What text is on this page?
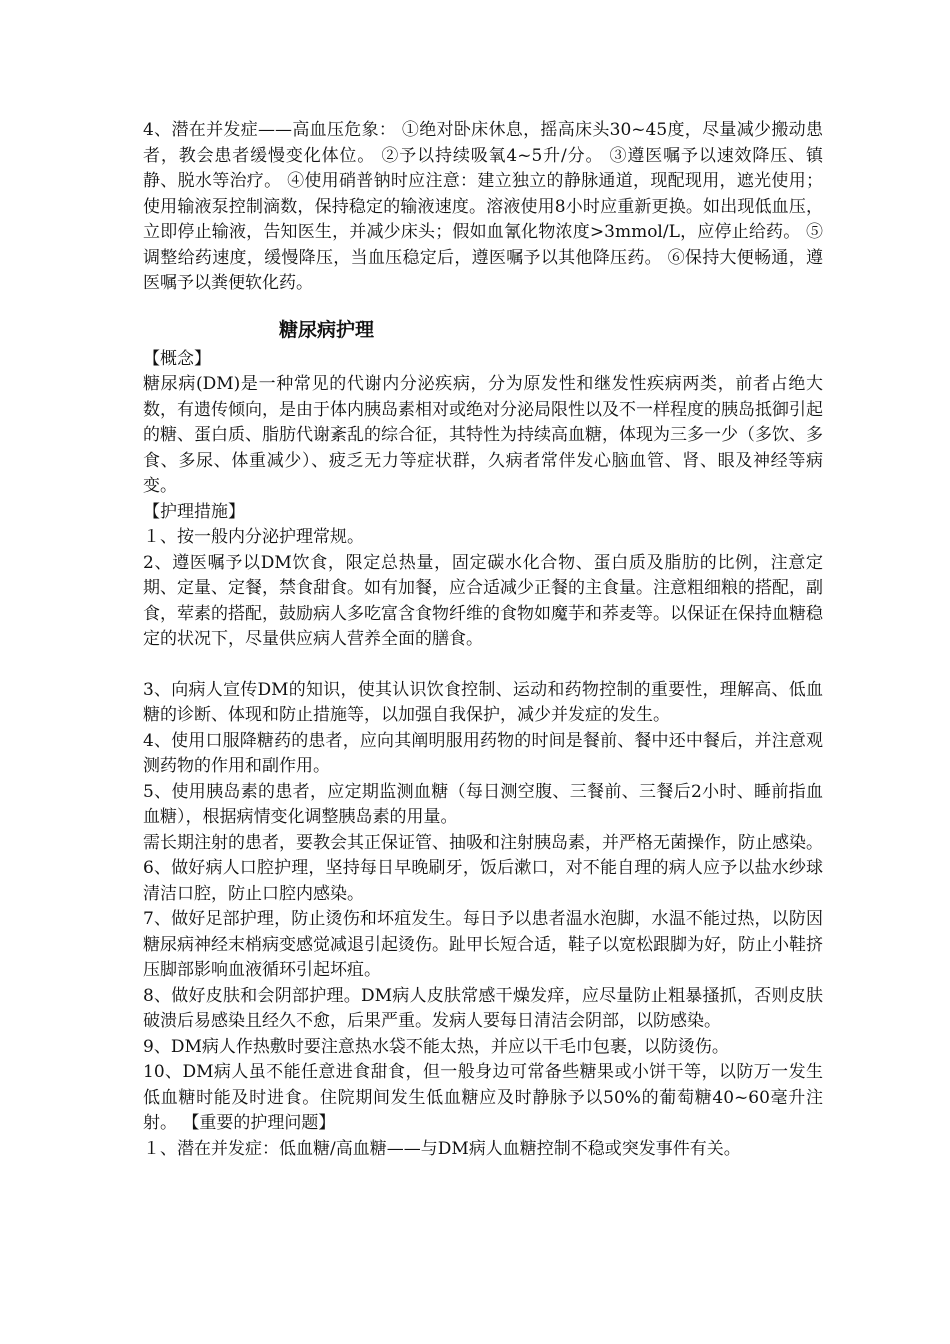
4、潜在并发症——高血压危象： ①绝对卧床休息，摇高床头30~45度，尽量减少搬动患者，教会患者缓慢变化体位。 ②予以持续吸氧4~5升/分。 ③遵医嘱予以速效降压、镇静、脱水等治疗。 ④使用硝普钠时应注意：建立独立的静脉通道，现配现用，遮光使用；使用输液泵控制滴数，保持稳定的输液速度。溶液使用8小时应重新更换。如出现低血压，立即停止输液，告知医生，并减少床头；假如血氰化物浓度>3mmol/L，应停止给药。 ⑤调整给药速度，缓慢降压，当血压稳定后，遵医嘱予以其他降压药。 ⑥保持大便畅通，遵医嘱予以粪便软化药。

糖尿病护理

【概念】

糖尿病(DM)是一种常见的代谢内分泌疾病，分为原发性和继发性疾病两类，前者占绝大数，有遗传倾向，是由于体内胰岛素相对或绝对分泌局限性以及不一样程度的胰岛抵御引起的糖、蛋白质、脂肪代谢紊乱的综合征，其特性为持续高血糖，体现为三多一少（多饮、多食、多尿、体重减少）、疲乏无力等症状群，久病者常伴发心脑血管、肾、眼及神经等病变。

【护理措施】

１、按一般内分泌护理常规。

2、遵医嘱予以DM饮食，限定总热量，固定碳水化合物、蛋白质及脂肪的比例，注意定期、定量、定餐，禁食甜食。如有加餐，应合适减少正餐的主食量。注意粗细粮的搭配，副食，荤素的搭配，鼓励病人多吃富含食物纤维的食物如魔芋和荞麦等。以保证在保持血糖稳定的状况下，尽量供应病人营养全面的膳食。

3、向病人宣传DM的知识，使其认识饮食控制、运动和药物控制的重要性，理解高、低血糖的诊断、体现和防止措施等，以加强自我保护，减少并发症的发生。

4、使用口服降糖药的患者，应向其阐明服用药物的时间是餐前、餐中还中餐后，并注意观测药物的作用和副作用。

5、使用胰岛素的患者，应定期监测血糖（每日测空腹、三餐前、三餐后2小时、睡前指血血糖），根据病情变化调整胰岛素的用量。

需长期注射的患者，要教会其正保证管、抽吸和注射胰岛素，并严格无菌操作，防止感染。 6、做好病人口腔护理，坚持每日早晚刷牙，饭后漱口，对不能自理的病人应予以盐水纱球清洁口腔，防止口腔内感染。

7、做好足部护理，防止烫伤和坏疽发生。每日予以患者温水泡脚，水温不能过热，以防因糖尿病神经末梢病变感觉减退引起烫伤。趾甲长短合适，鞋子以宽松跟脚为好，防止小鞋挤压脚部影响血液循环引起坏疽。

8、做好皮肤和会阴部护理。DM病人皮肤常感干燥发痒，应尽量防止粗暴搔抓，否则皮肤破溃后易感染且经久不愈，后果严重。发病人要每日清洁会阴部，以防感染。

9、DM病人作热敷时要注意热水袋不能太热，并应以干毛巾包裹，以防烫伤。

10、DM病人虽不能任意进食甜食，但一般身边可常备些糖果或小饼干等，以防万一发生低血糖时能及时进食。住院期间发生低血糖应及时静脉予以50%的葡萄糖40~60毫升注射。 【重要的护理问题】

１、潜在并发症：低血糖/高血糖——与DM病人血糖控制不稳或突发事件有关。
